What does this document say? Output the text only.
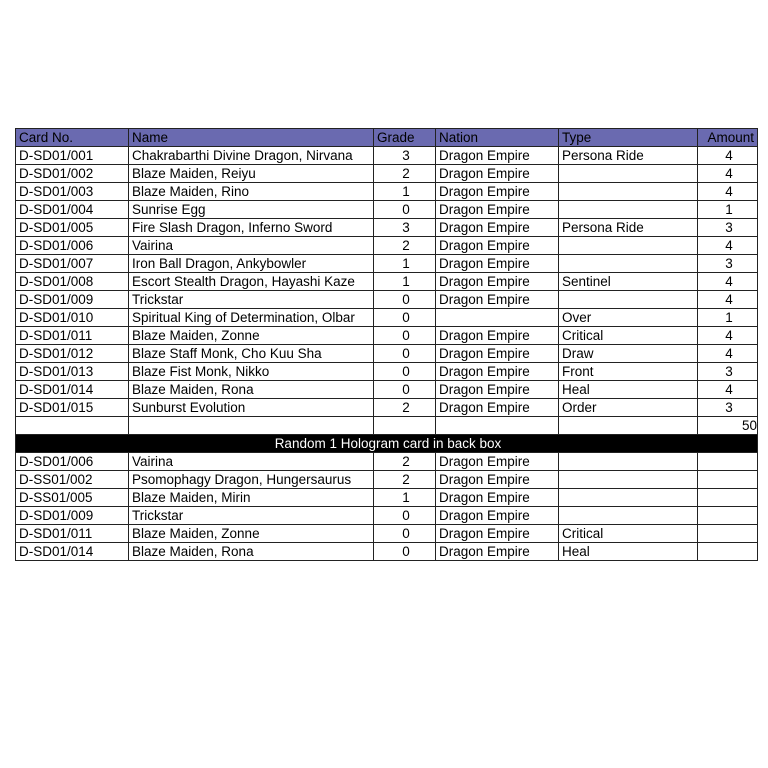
Card No.	Name	Grade	Nation	Type	Amount
D-SD01/001	Chakrabarthi Divine Dragon, Nirvana	3	Dragon Empire	Persona Ride	4
D-SD01/002	Blaze Maiden, Reiyu	2	Dragon Empire		4
D-SD01/003	Blaze Maiden, Rino	1	Dragon Empire		4
D-SD01/004	Sunrise Egg	0	Dragon Empire		1
D-SD01/005	Fire Slash Dragon, Inferno Sword	3	Dragon Empire	Persona Ride	3
D-SD01/006	Vairina	2	Dragon Empire		4
D-SD01/007	Iron Ball Dragon, Ankybowler	1	Dragon Empire		3
D-SD01/008	Escort Stealth Dragon, Hayashi Kaze	1	Dragon Empire	Sentinel	4
D-SD01/009	Trickstar	0	Dragon Empire		4
D-SD01/010	Spiritual King of Determination, Olbar	0		Over	1
D-SD01/011	Blaze Maiden, Zonne	0	Dragon Empire	Critical	4
D-SD01/012	Blaze Staff Monk, Cho Kuu Sha	0	Dragon Empire	Draw	4
D-SD01/013	Blaze Fist Monk, Nikko	0	Dragon Empire	Front	3
D-SD01/014	Blaze Maiden, Rona	0	Dragon Empire	Heal	4
D-SD01/015	Sunburst Evolution	2	Dragon Empire	Order	3
					50
Random 1 Hologram card in back box					
D-SD01/006	Vairina	2	Dragon Empire		
D-SS01/002	Psomophagy Dragon, Hungersaurus	2	Dragon Empire		
D-SS01/005	Blaze Maiden, Mirin	1	Dragon Empire		
D-SD01/009	Trickstar	0	Dragon Empire		
D-SD01/011	Blaze Maiden, Zonne	0	Dragon Empire	Critical	
D-SD01/014	Blaze Maiden, Rona	0	Dragon Empire	Heal	
